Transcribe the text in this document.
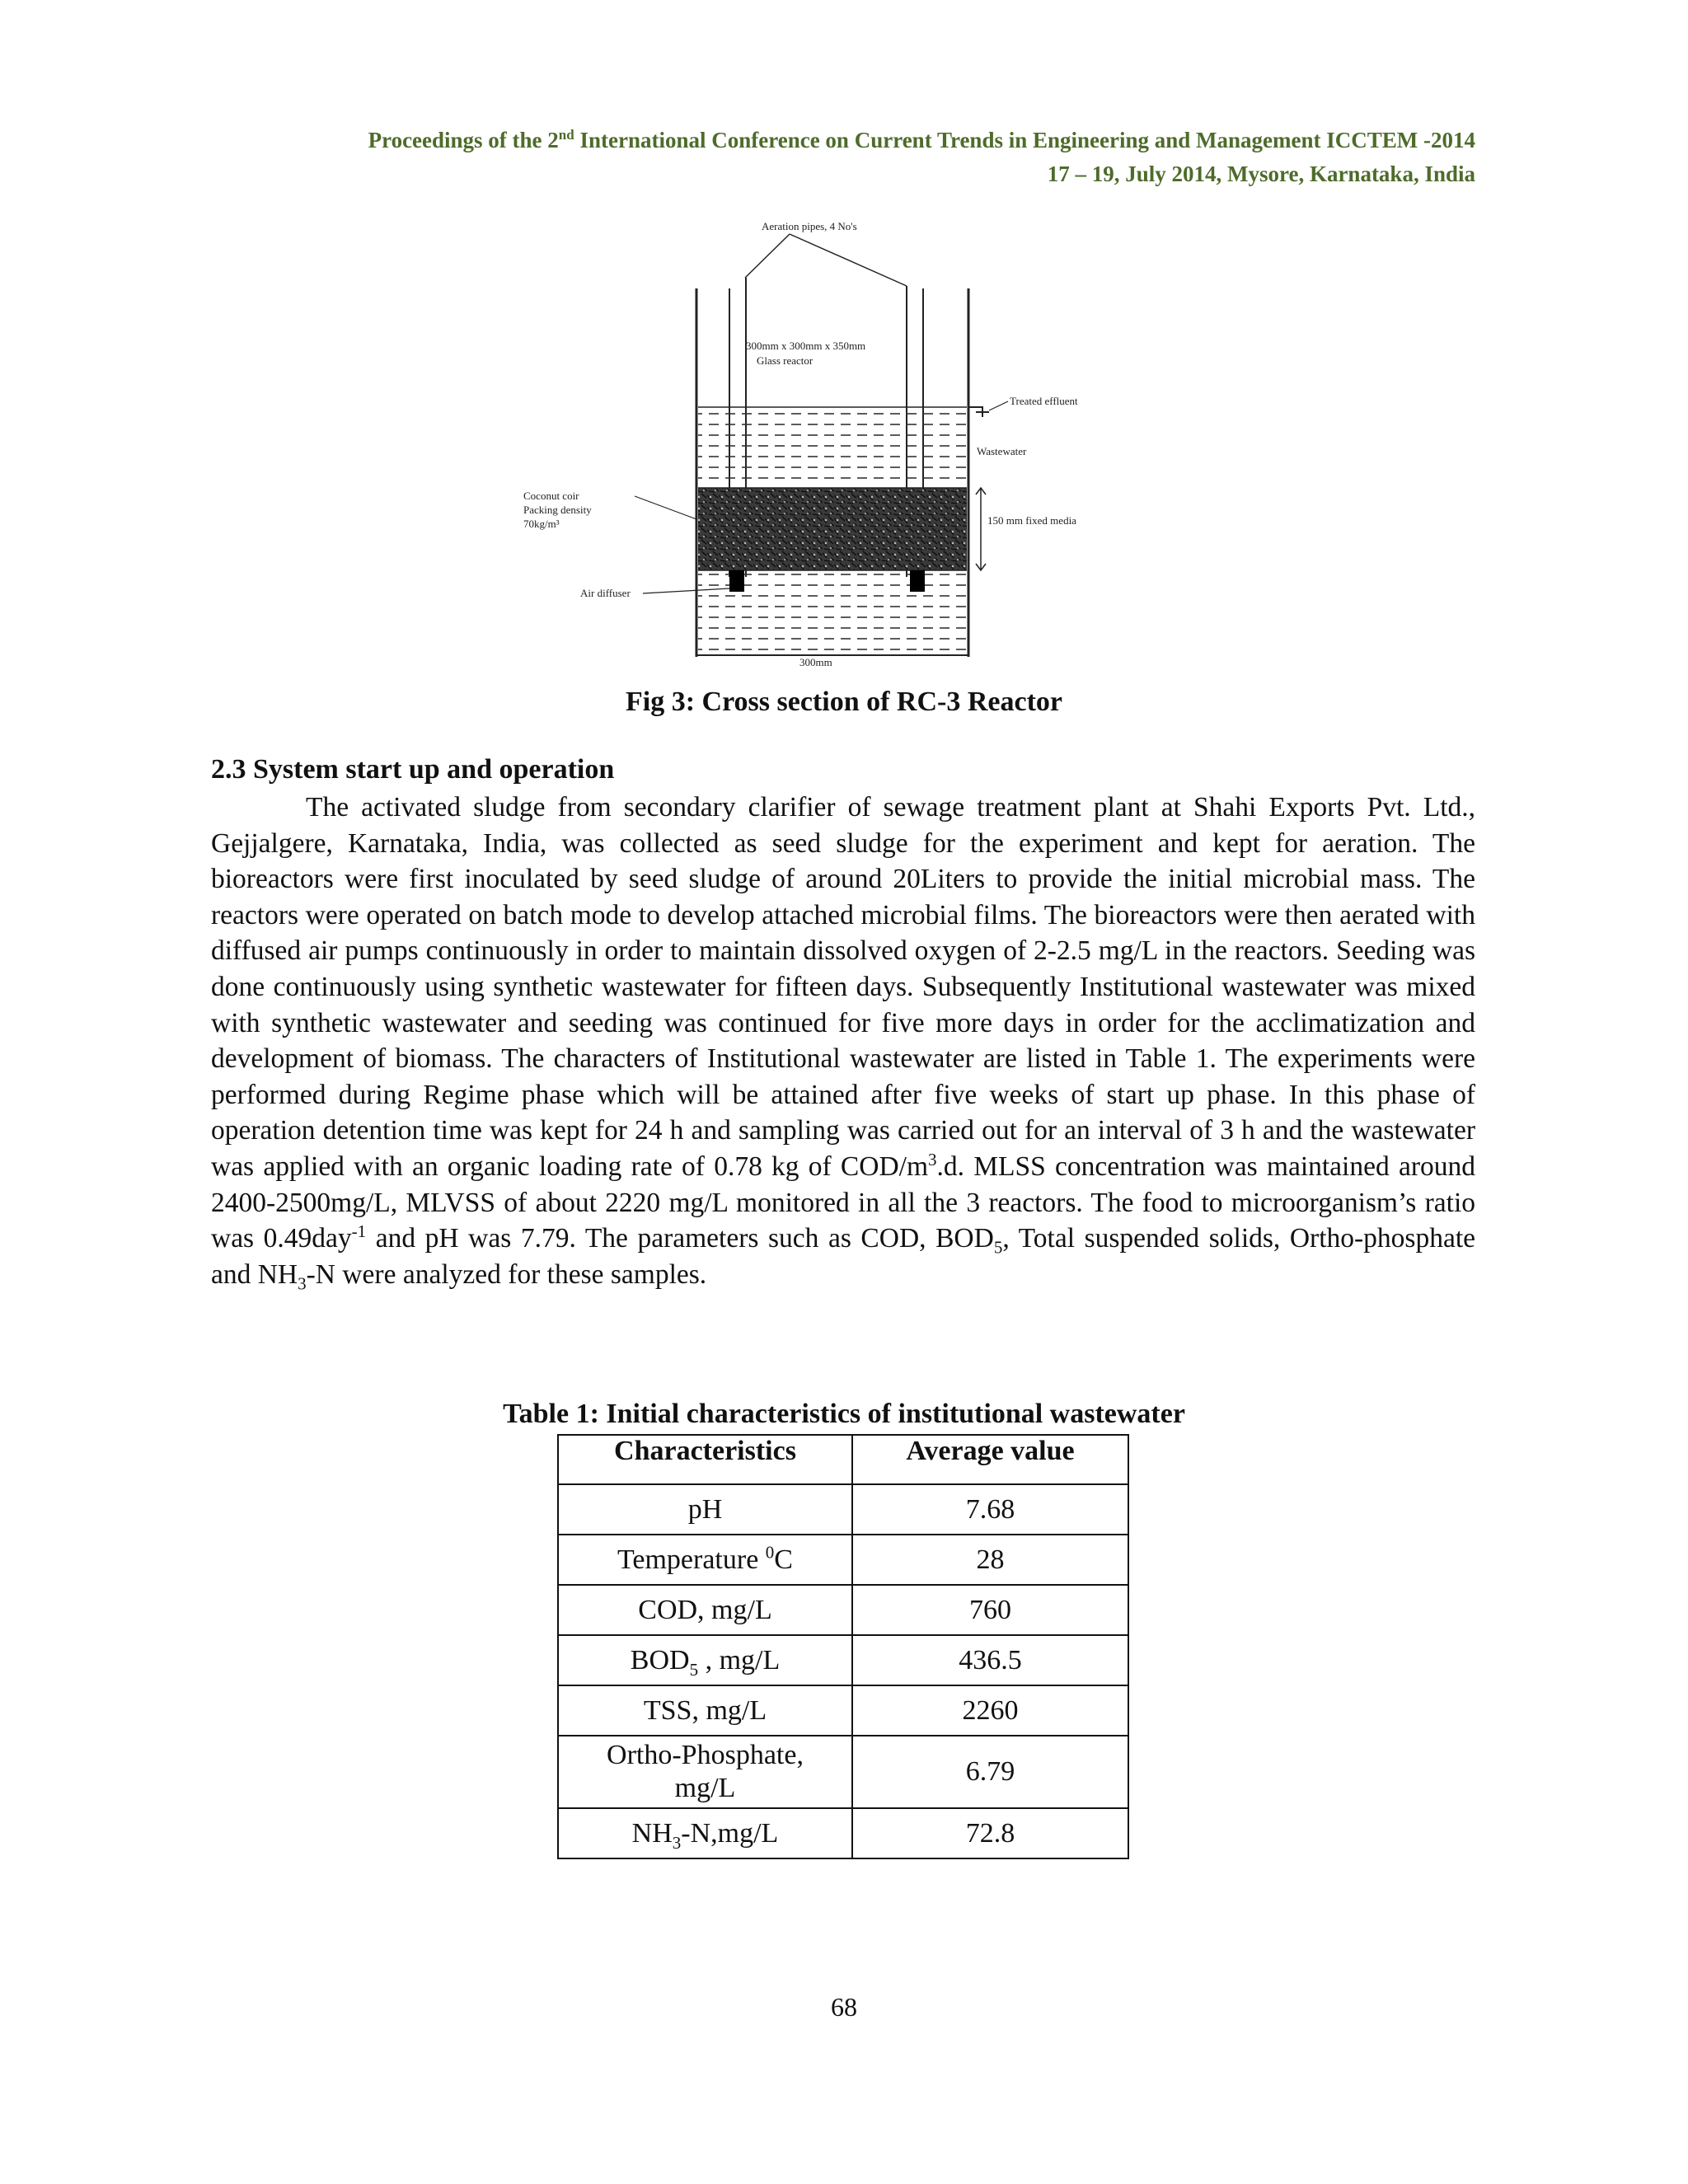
Proceedings of the 2nd International Conference on Current Trends in Engineering and Management ICCTEM -2014
17 – 19, July 2014, Mysore, Karnataka, India
Aeration pipes, 4 No's
300mm x 300mm x 350mm
Glass reactor
Treated effluent
Wastewater
150 mm fixed media
Coconut coir
Packing density
70kg/m³
Air diffuser
300mm
Fig 3: Cross section of RC-3 Reactor
2.3 System start up and operation
The activated sludge from secondary clarifier of sewage treatment plant at Shahi Exports Pvt. Ltd., Gejjalgere, Karnataka, India, was collected as seed sludge for the experiment and kept for aeration. The bioreactors were first inoculated by seed sludge of around 20Liters to provide the initial microbial mass. The reactors were operated on batch mode to develop attached microbial films. The bioreactors were then aerated with diffused air pumps continuously in order to maintain dissolved oxygen of 2-2.5 mg/L in the reactors. Seeding was done continuously using synthetic wastewater for fifteen days. Subsequently Institutional wastewater was mixed with synthetic wastewater and seeding was continued for five more days in order for the acclimatization and development of biomass. The characters of Institutional wastewater are listed in Table 1. The experiments were performed during Regime phase which will be attained after five weeks of start up phase. In this phase of operation detention time was kept for 24 h and sampling was carried out for an interval of 3 h and the wastewater was applied with an organic loading rate of 0.78 kg of COD/$m^3.d$. MLSS concentration was maintained around 2400-2500mg/L, MLVSS of about 2220 mg/L monitored in all the 3 reactors. The food to microorganism’s ratio was 0.49day$^{-1}$ and pH was 7.79. The parameters such as COD, $BOD_5$, Total suspended solids, Ortho-phosphate and $NH_3-N$ were analyzed for these samples.
Table 1: Initial characteristics of institutional wastewater
Characteristics	Average value
pH	7.68
Temperature $^0$C	28
COD, mg/L	760
$BOD_5$ , mg/L	436.5
TSS, mg/L	2260
Ortho-Phosphate,
mg/L	6.79
$NH_3-N,mg/L$	72.8
68
